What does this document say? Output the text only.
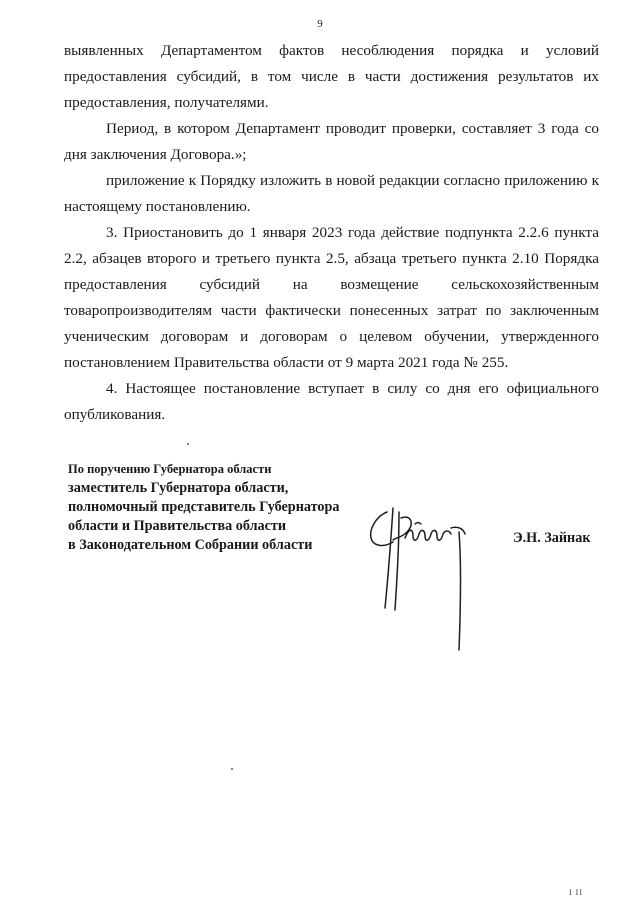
9

выявленных Департаментом фактов несоблюдения порядка и условий предоставления субсидий, в том числе в части достижения результатов их предоставления, получателями.

Период, в котором Департамент проводит проверки, составляет 3 года со дня заключения Договора.»;

приложение к Порядку изложить в новой редакции согласно приложению к настоящему постановлению.

3. Приостановить до 1 января 2023 года действие подпункта 2.2.6 пункта 2.2, абзацев второго и третьего пункта 2.5, абзаца третьего пункта 2.10 Порядка предоставления субсидий на возмещение сельскохозяйственным товаропроизводителям части фактически понесенных затрат по заключенным ученическим договорам и договорам о целевом обучении, утвержденного постановлением Правительства области от 9 марта 2021 года № 255.

4. Настоящее постановление вступает в силу со дня его официального опубликования.

По поручению Губернатора области
заместитель Губернатора области,
полномочный представитель Губернатора
области и Правительства области
в Законодательном Собрании области	Э.Н. Зайнак
I II
